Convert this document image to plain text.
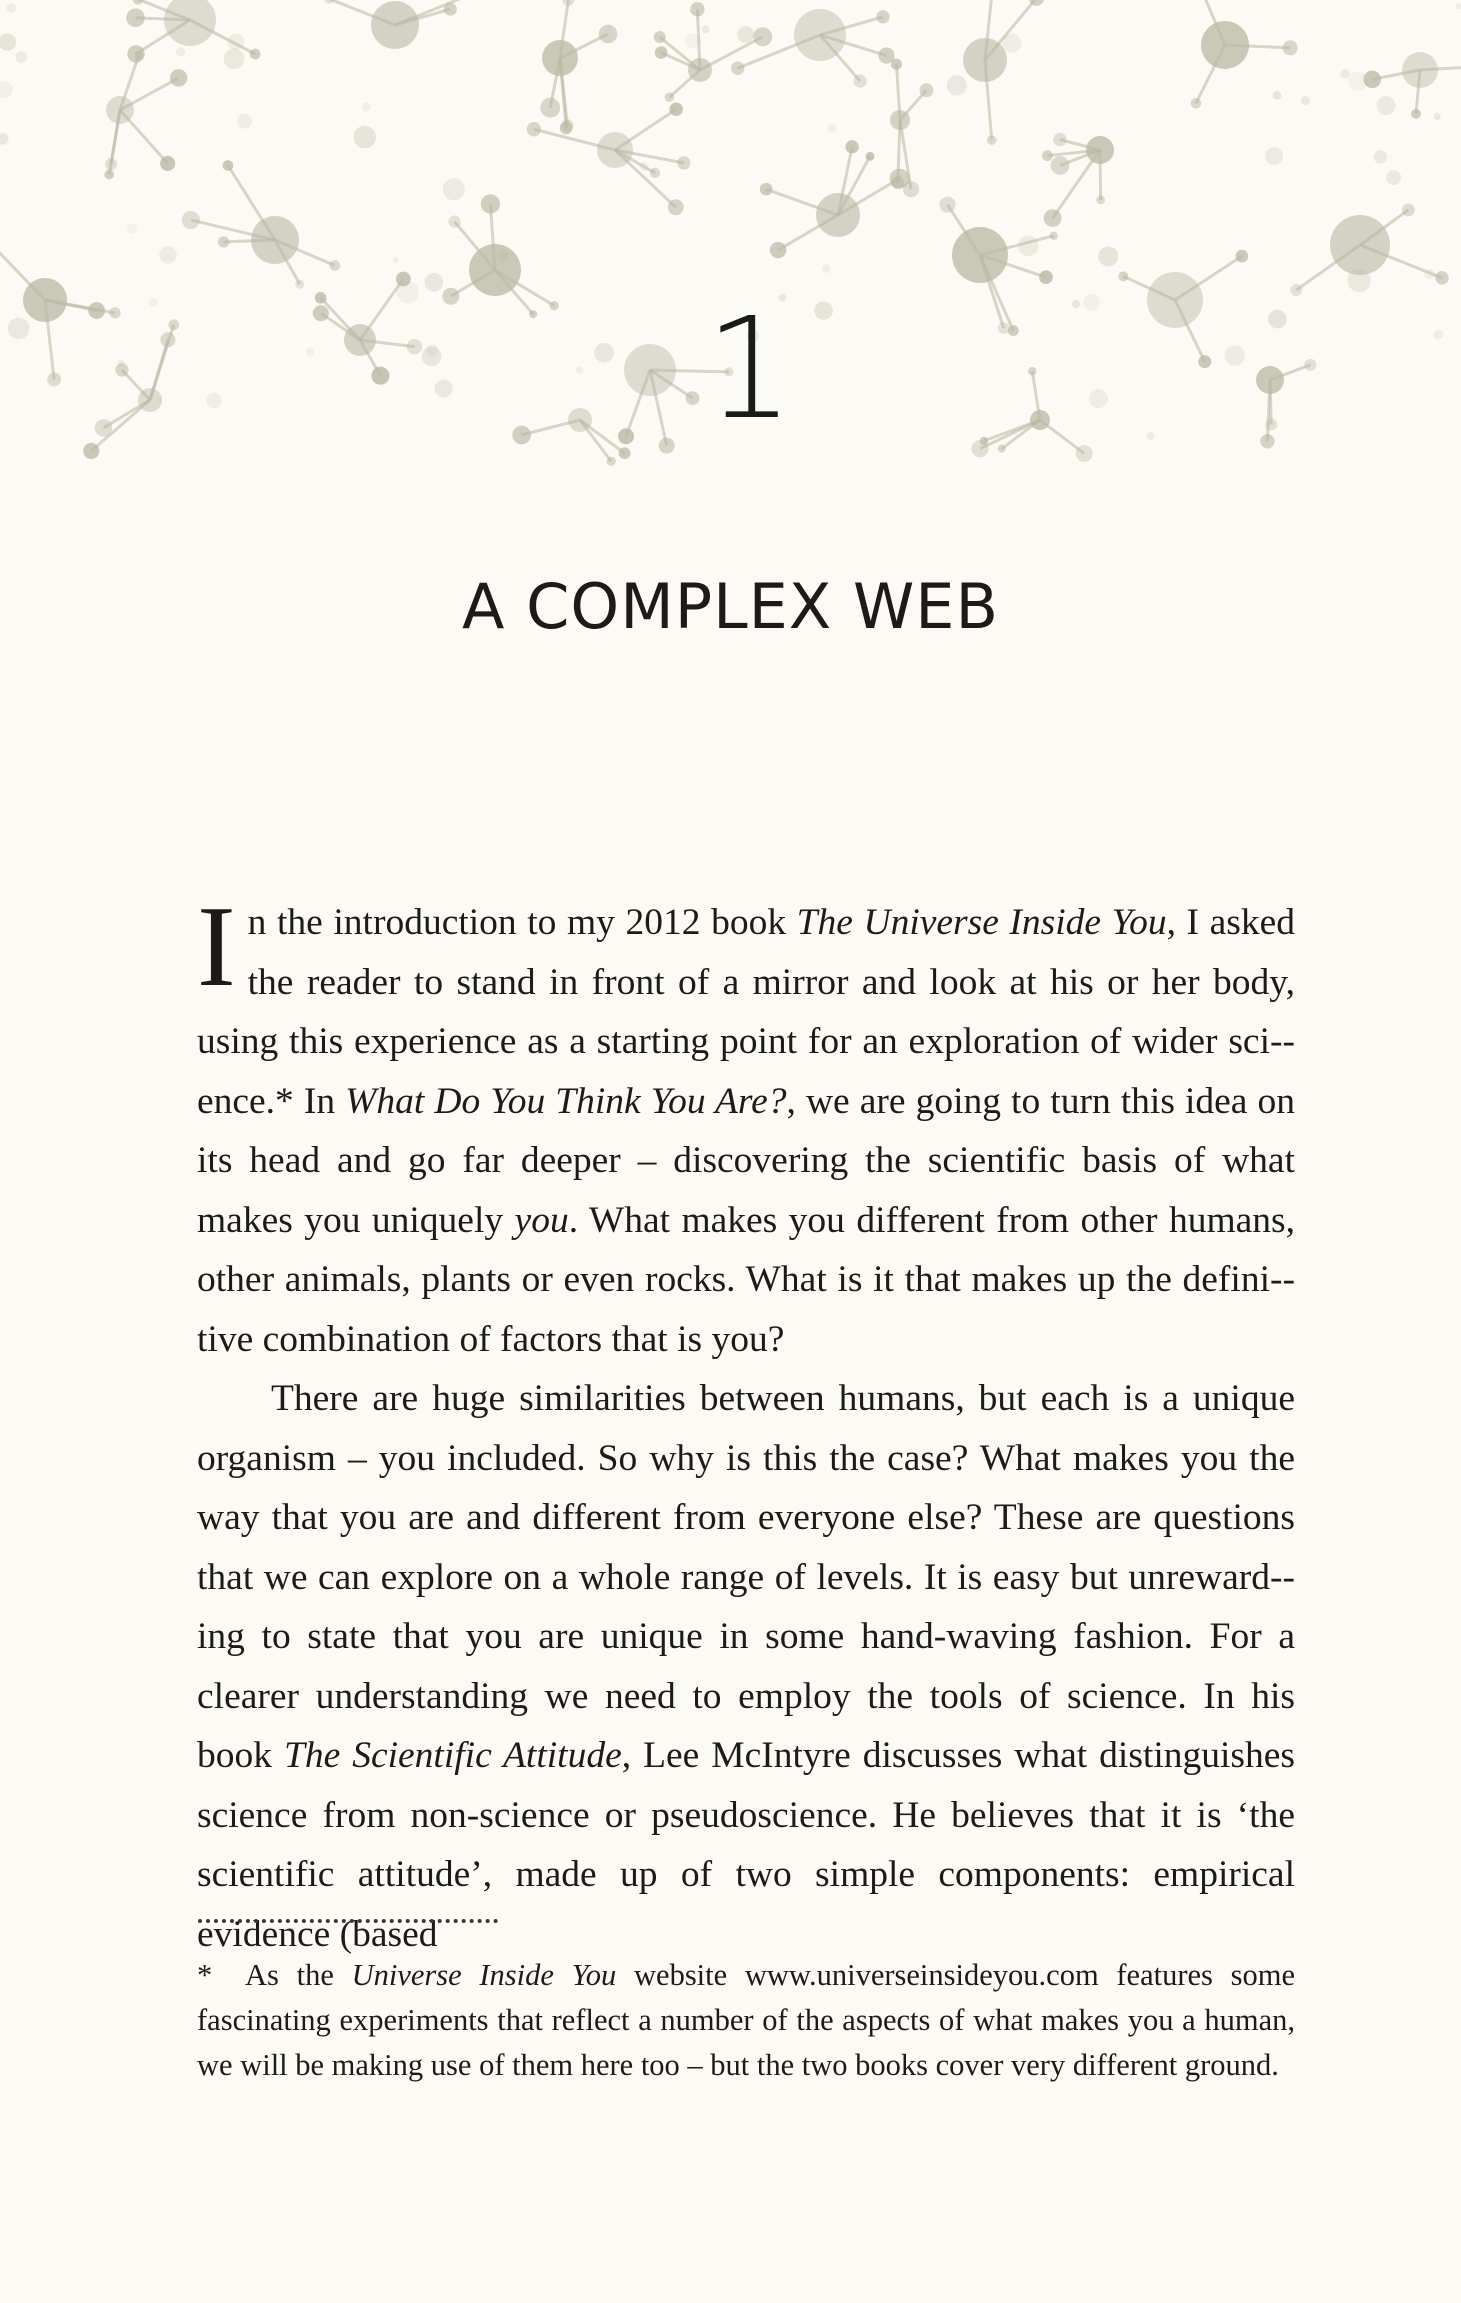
1
A COMPLEX WEB

In the introduction to my 2012 book The Universe Inside You, I asked the reader to stand in front of a mirror and look at his or her body, using this experience as a starting point for an exploration of wider sci-ence.* In What Do You Think You Are?, we are going to turn this idea on its head and go far deeper – discovering the scientific basis of what makes you uniquely you. What makes you different from other humans, other animals, plants or even rocks. What is it that makes up the defini-tive combination of factors that is you?

There are huge similarities between humans, but each is a unique organism – you included. So why is this the case? What makes you the way that you are and different from everyone else? These are questions that we can explore on a whole range of levels. It is easy but unreward-ing to state that you are unique in some hand-waving fashion. For a clearer understanding we need to employ the tools of science. In his book The Scientific Attitude, Lee McIntyre discusses what distinguishes science from non-science or pseudoscience. He believes that it is ‘the scientific attitude’, made up of two simple components: empirical evidence (based

* As the Universe Inside You website www.universeinsideyou.com features some fascinating experiments that reflect a number of the aspects of what makes you a human, we will be making use of them here too – but the two books cover very different ground.
